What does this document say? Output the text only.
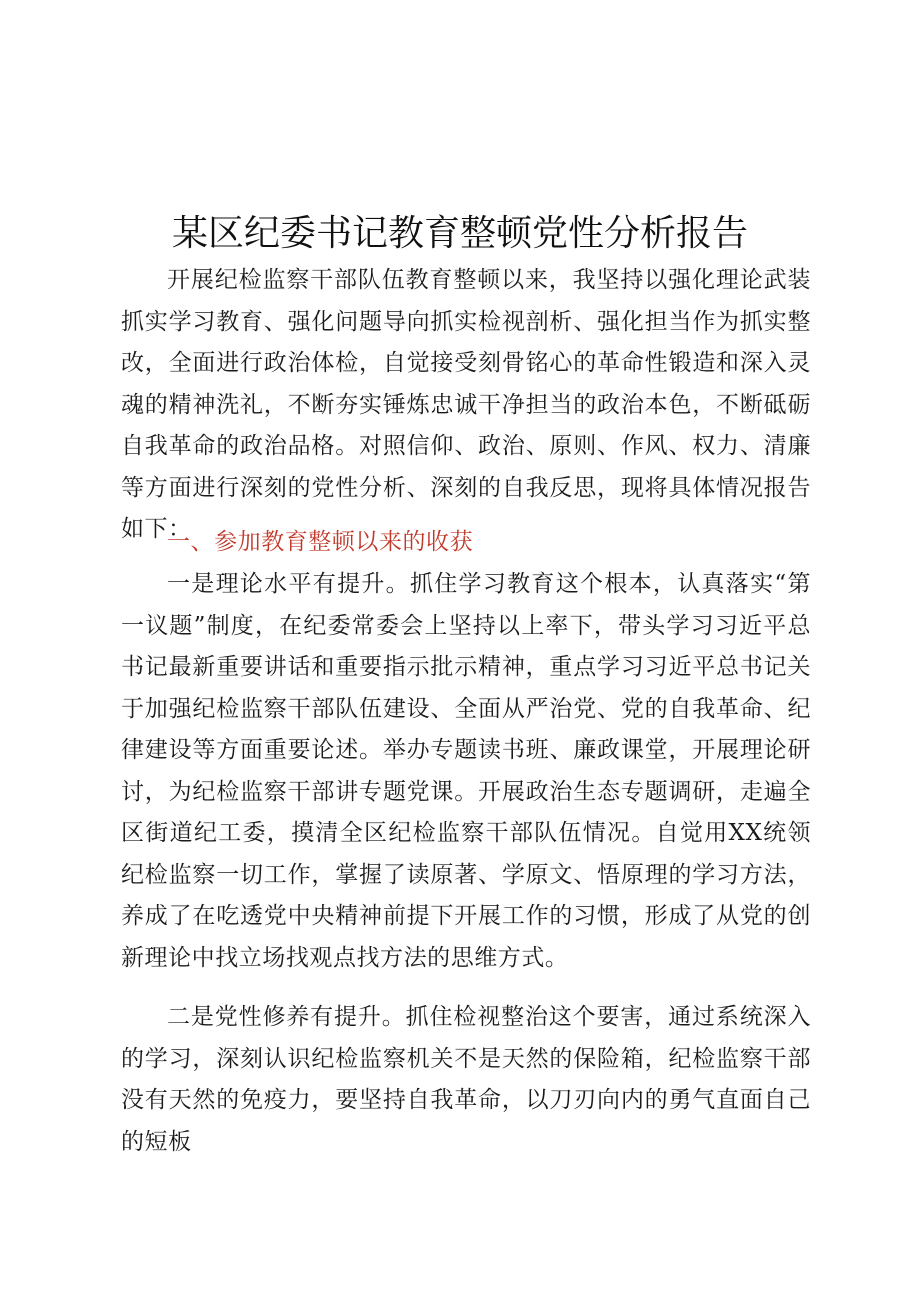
某区纪委书记教育整顿党性分析报告

开展纪检监察干部队伍教育整顿以来，我坚持以强化理论武装抓实学习教育、强化问题导向抓实检视剖析、强化担当作为抓实整改，全面进行政治体检，自觉接受刻骨铭心的革命性锻造和深入灵魂的精神洗礼，不断夯实锤炼忠诚干净担当的政治本色，不断砥砺自我革命的政治品格。对照信仰、政治、原则、作风、权力、清廉等方面进行深刻的党性分析、深刻的自我反思，现将具体情况报告如下：

一、参加教育整顿以来的收获

一是理论水平有提升。抓住学习教育这个根本，认真落实“第一议题”制度，在纪委常委会上坚持以上率下，带头学习习近平总书记最新重要讲话和重要指示批示精神，重点学习习近平总书记关于加强纪检监察干部队伍建设、全面从严治党、党的自我革命、纪律建设等方面重要论述。举办专题读书班、廉政课堂，开展理论研讨，为纪检监察干部讲专题党课。开展政治生态专题调研，走遍全区街道纪工委，摸清全区纪检监察干部队伍情况。自觉用XX统领纪检监察一切工作，掌握了读原著、学原文、悟原理的学习方法，养成了在吃透党中央精神前提下开展工作的习惯，形成了从党的创新理论中找立场找观点找方法的思维方式。

二是党性修养有提升。抓住检视整治这个要害，通过系统深入的学习，深刻认识纪检监察机关不是天然的保险箱，纪检监察干部没有天然的免疫力，要坚持自我革命，以刀刃向内的勇气直面自己的短板
